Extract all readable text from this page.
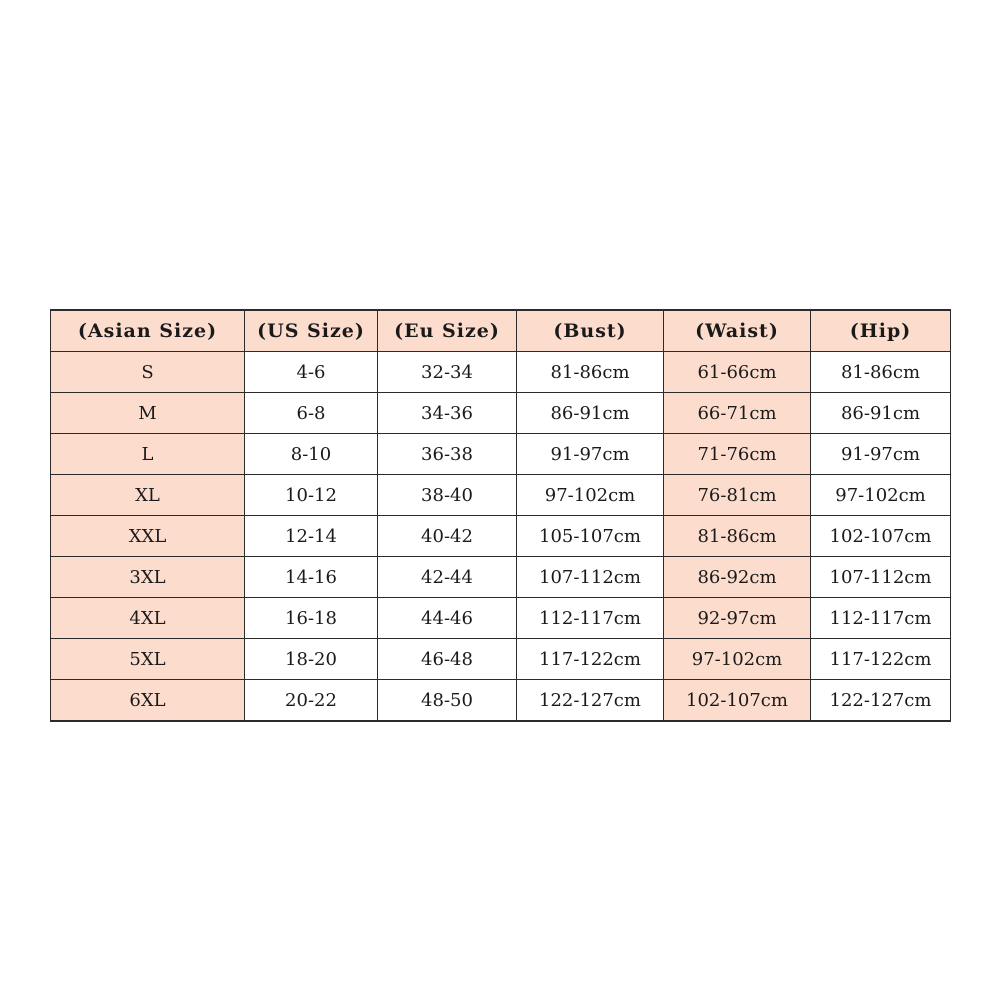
(Asian Size)	(US Size)	(Eu Size)	(Bust)	(Waist)	(Hip)
S	4-6	32-34	81-86cm	61-66cm	81-86cm
M	6-8	34-36	86-91cm	66-71cm	86-91cm
L	8-10	36-38	91-97cm	71-76cm	91-97cm
XL	10-12	38-40	97-102cm	76-81cm	97-102cm
XXL	12-14	40-42	105-107cm	81-86cm	102-107cm
3XL	14-16	42-44	107-112cm	86-92cm	107-112cm
4XL	16-18	44-46	112-117cm	92-97cm	112-117cm
5XL	18-20	46-48	117-122cm	97-102cm	117-122cm
6XL	20-22	48-50	122-127cm	102-107cm	122-127cm
